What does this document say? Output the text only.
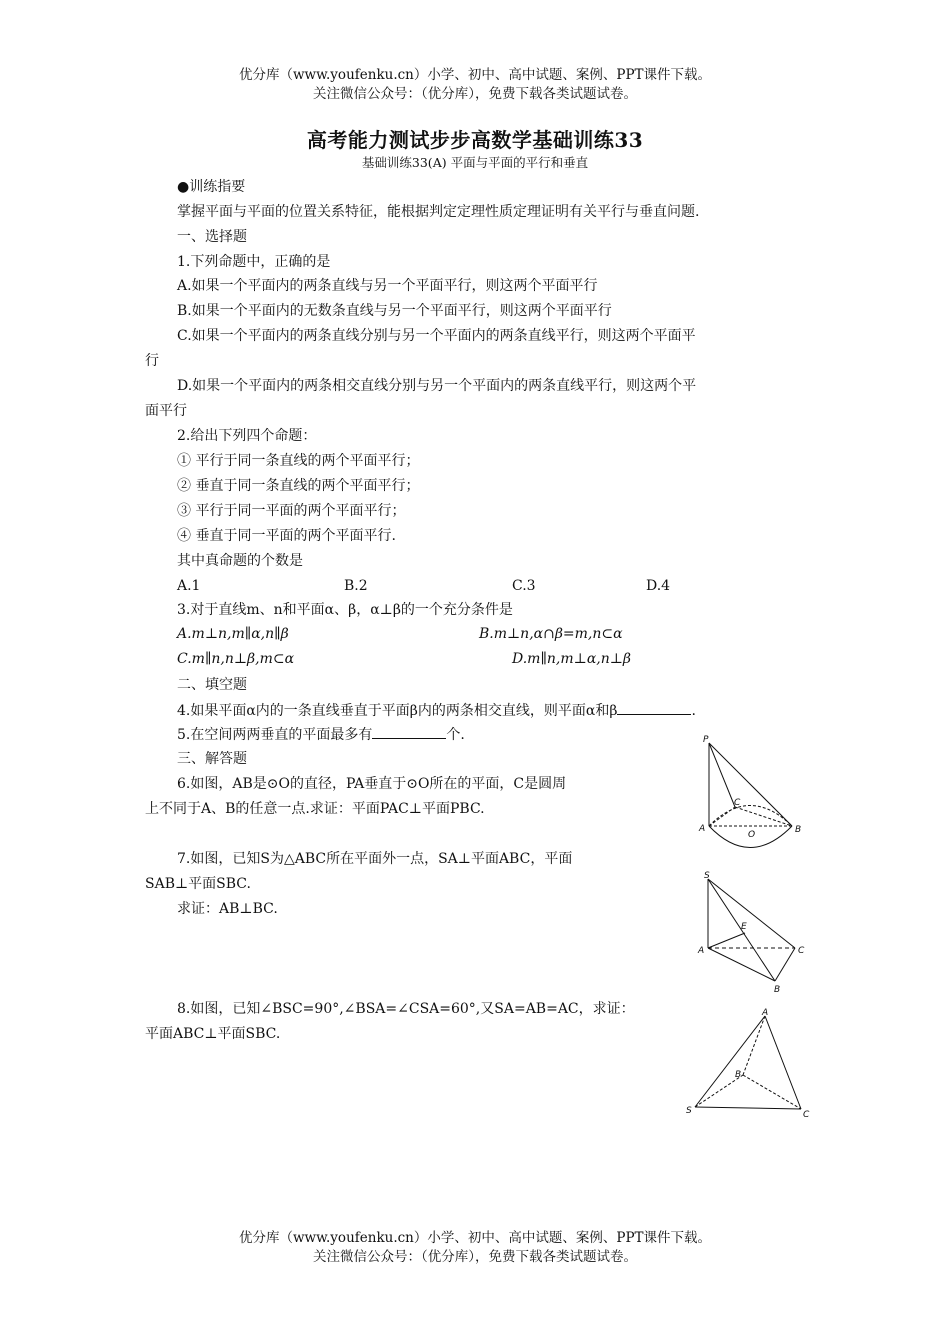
优分库（www.youfenku.cn）小学、初中、高中试题、案例、PPT课件下载。
关注微信公众号：（优分库），免费下载各类试题试卷。
高考能力测试步步高数学基础训练33
基础训练33(A) 平面与平面的平行和垂直
●训练指要
掌握平面与平面的位置关系特征，能根据判定定理性质定理证明有关平行与垂直问题.
一、选择题
1.下列命题中，正确的是
A.如果一个平面内的两条直线与另一个平面平行，则这两个平面平行
B.如果一个平面内的无数条直线与另一个平面平行，则这两个平面平行
C.如果一个平面内的两条直线分别与另一个平面内的两条直线平行，则这两个平面平
行
D.如果一个平面内的两条相交直线分别与另一个平面内的两条直线平行，则这两个平
面平行
2.给出下列四个命题：
① 平行于同一条直线的两个平面平行；
② 垂直于同一条直线的两个平面平行；
③ 平行于同一平面的两个平面平行；
④ 垂直于同一平面的两个平面平行.
其中真命题的个数是
A.1	B.2	C.3	D.4
3.对于直线m、n和平面α、β，α⊥β的一个充分条件是
A.m⊥n,m∥α,n∥β	B.m⊥n,α∩β=m,n⊂α
C.m∥n,n⊥β,m⊂α	D.m∥n,m⊥α,n⊥β
二、填空题
4.如果平面α内的一条直线垂直于平面β内的两条相交直线，则平面α和β	.
5.在空间两两垂直的平面最多有	个.
三、解答题
6.如图，AB是⊙O的直径，PA垂直于⊙O所在的平面，C是圆周
上不同于A、B的任意一点.求证：平面PAC⊥平面PBC.
7.如图，已知S为△ABC所在平面外一点，SA⊥平面ABC，平面
SAB⊥平面SBC.
求证：AB⊥BC.
8.如图，已知∠BSC=90°,∠BSA=∠CSA=60°,又SA=AB=AC，求证：
平面ABC⊥平面SBC.
P
A	B
C
O
S
A	C
B
E
A
B
S	C
优分库（www.youfenku.cn）小学、初中、高中试题、案例、PPT课件下载。
关注微信公众号：（优分库），免费下载各类试题试卷。
